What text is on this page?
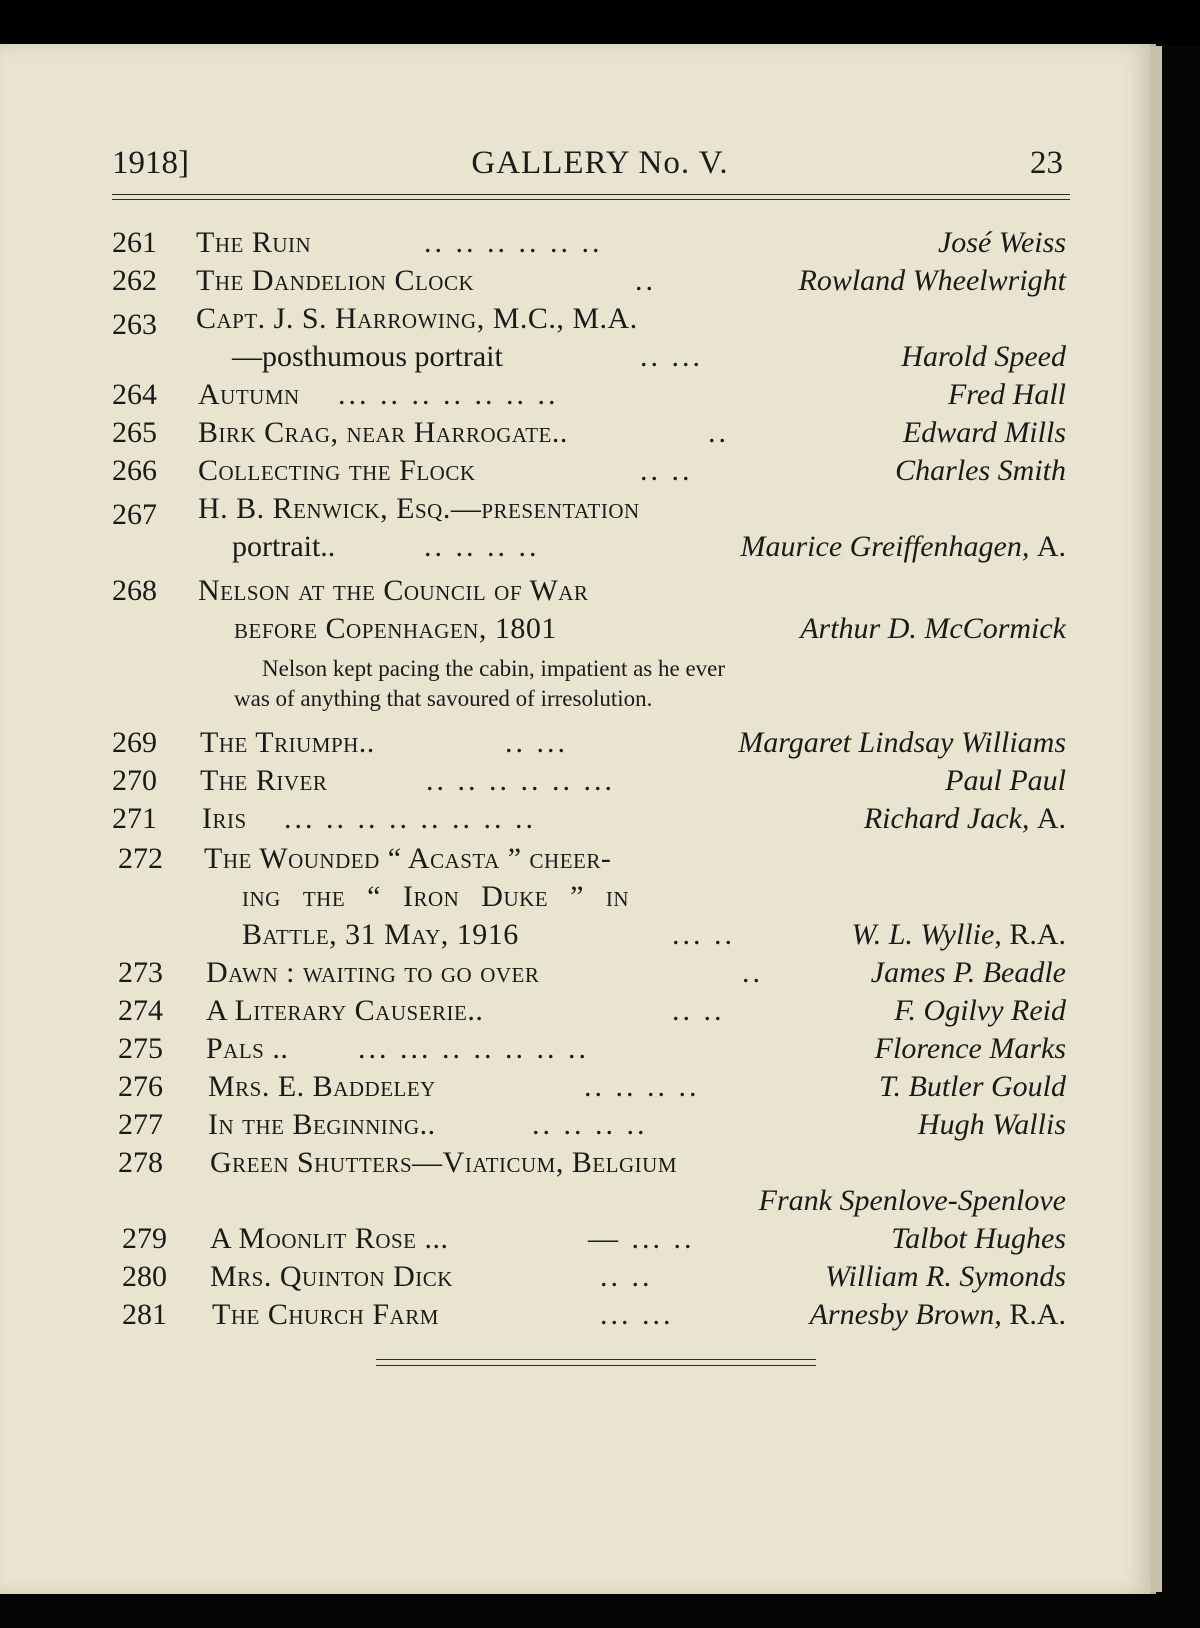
1918]	GALLERY No. V.	23
261	The Ruin	.. .. .. .. .. ..	José Weiss
262	The Dandelion Clock	..	Rowland Wheelwright
263	Capt. J. S. Harrowing, M.C., M.A.
—posthumous portrait	.. ...	Harold Speed
264	Autumn ... .. .. .. .. .. ..	Fred Hall
265	Birk Crag, near Harrogate..	..	Edward Mills
266	Collecting the Flock	.. ..	Charles Smith
267	H. B. Renwick, Esq.—presentation
portrait..	.. .. .. ..	Maurice Greiffenhagen, A.
268	Nelson at the Council of War
before Copenhagen, 1801	Arthur D. McCormick
Nelson kept pacing the cabin, impatient as he ever
was of anything that savoured of irresolution.
269	The Triumph..	.. ...	Margaret Lindsay Williams
270	The River	.. .. .. .. .. ...	Paul Paul
271	Iris ... .. .. .. .. .. .. ..	Richard Jack, A.
272	The Wounded “ Acasta ” cheer-
ing the “ Iron Duke ” in
Battle, 31 May, 1916	... ..	W. L. Wyllie, R.A.
273	Dawn : waiting to go over	..	James P. Beadle
274	A Literary Causerie..	.. ..	F. Ogilvy Reid
275	Pals .. ... ... .. .. .. .. ..	Florence Marks
276	Mrs. E. Baddeley	.. .. .. ..	T. Butler Gould
277	In the Beginning..	.. .. .. ..	Hugh Wallis
278	Green Shutters—Viaticum, Belgium
Frank Spenlove-Spenlove
279	A Moonlit Rose ...	— ... ..	Talbot Hughes
280	Mrs. Quinton Dick	.. ..	William R. Symonds
281	The Church Farm	... ...	Arnesby Brown, R.A.
